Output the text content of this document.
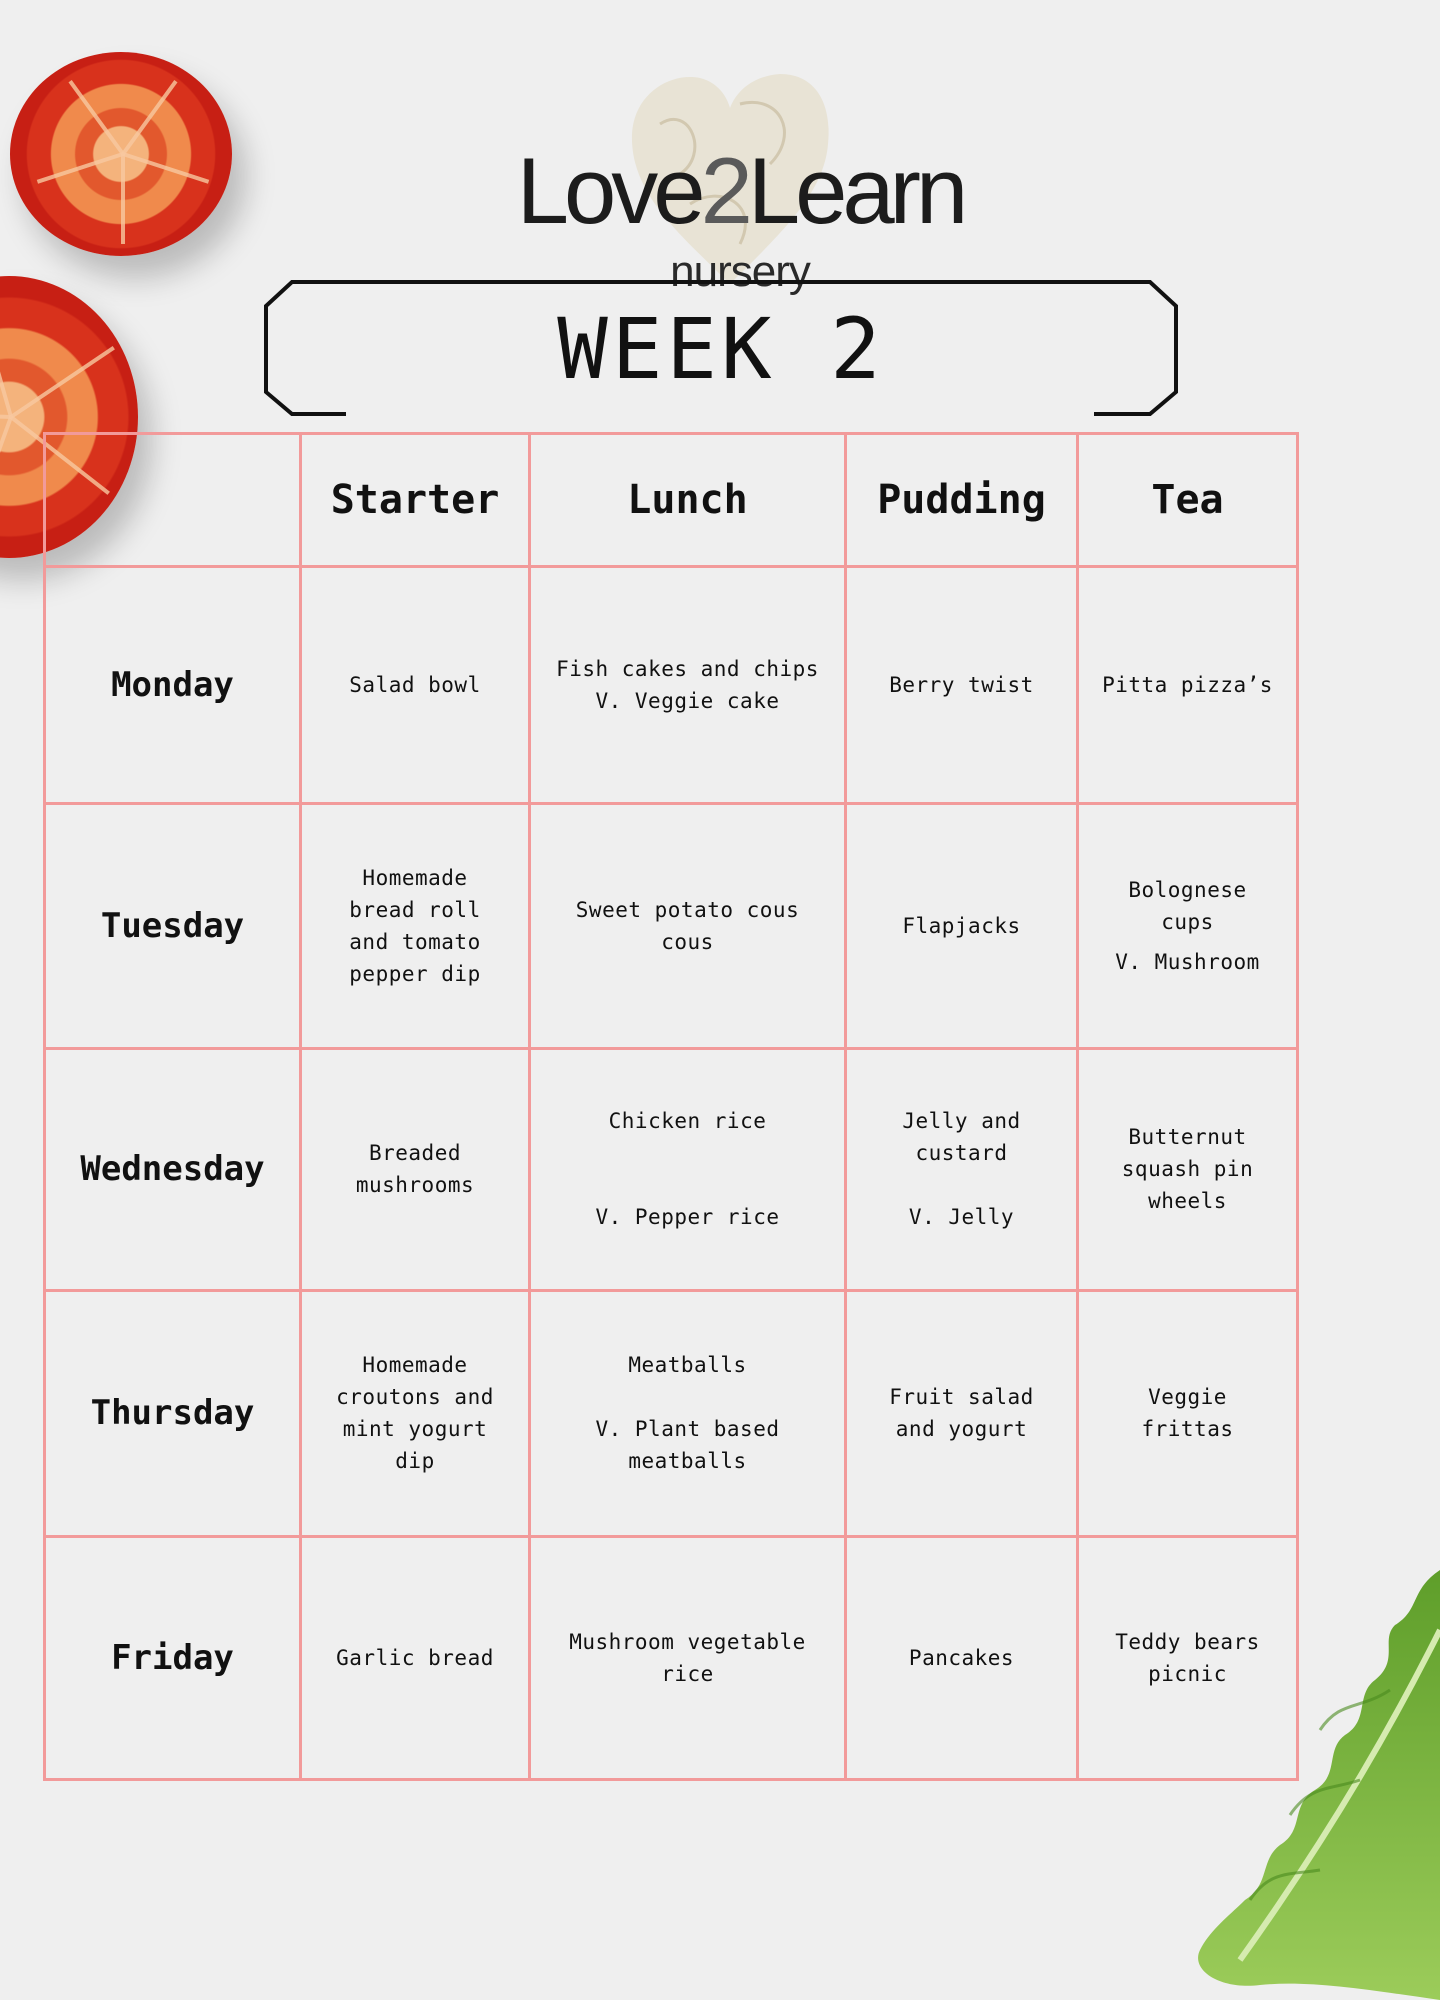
Love2Learn
nursery
WEEK 2
	Starter	Lunch	Pudding	Tea
Monday	Salad bowl	Fish cakes and chips
V. Veggie cake	Berry twist	Pitta pizza’s

Tuesday	Homemade
bread roll
and tomato
pepper dip	Sweet potato cous
cous	Flapjacks	Bolognese
cups
V. Mushroom

Wednesday	Breaded
mushrooms	Chicken rice
V. Pepper rice	Jelly and
custard
V. Jelly	Butternut
squash pin
wheels

Thursday	Homemade
croutons and
mint yogurt
dip	Meatballs
V. Plant based
meatballs	Fruit salad
and yogurt	Veggie
frittas

Friday	Garlic bread	Mushroom vegetable
rice	Pancakes	Teddy bears
picnic
